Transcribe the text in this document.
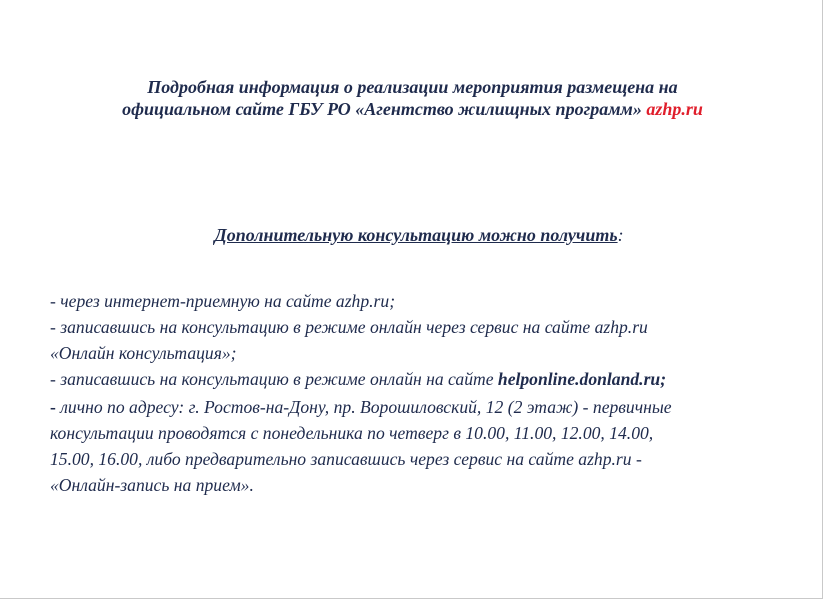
Подробная информация о реализации мероприятия размещена на
официальном сайте ГБУ РО «Агентство жилищных программ» azhp.ru
Дополнительную консультацию можно получить:
- через интернет-приемную на сайте azhp.ru;
- записавшись на консультацию в режиме онлайн через сервис на сайте azhp.ru
«Онлайн консультация»;
- записавшись на консультацию в режиме онлайн на сайте helponline.donland.ru;
- лично по адресу: г. Ростов-на-Дону, пр. Ворошиловский, 12 (2 этаж) - первичные
консультации проводятся с понедельника по четверг в 10.00, 11.00, 12.00, 14.00,
15.00, 16.00, либо предварительно записавшись через сервис на сайте azhp.ru -
«Онлайн-запись на прием».
